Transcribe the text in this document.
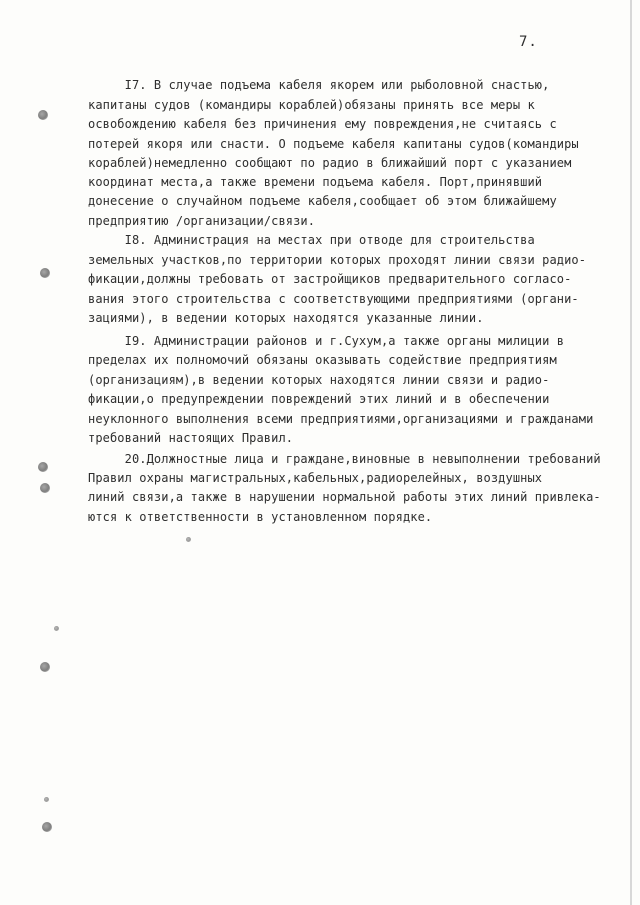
7.
I7. В случае подъема кабеля якорем или рыболовной снастью,
капитаны судов (командиры кораблей)обязаны принять все меры к
освобождению кабеля без причинения ему повреждения,не считаясь с
потерей якоря или снасти. О подъеме кабеля капитаны судов(командиры
кораблей)немедленно сообщают по радио в ближайший порт с указанием
координат места,а также времени подъема кабеля. Порт,принявший
донесение о случайном подъеме кабеля,сообщает об этом ближайшему
предприятию /организации/связи.
I8. Администрация на местах при отводе для строительства
земельных участков,по территории которых проходят линии связи радио-
фикации,должны требовать от застройщиков предварительного согласо-
вания этого строительства с соответствующими предприятиями (органи-
зациями), в ведении которых находятся указанные линии.
I9. Администрации районов и г.Сухум,а также органы милиции в
пределах их полномочий обязаны оказывать содействие предприятиям
(организациям),в ведении которых находятся линии связи и радио-
фикации,о предупреждении повреждений этих линий и в обеспечении
неуклонного выполнения всеми предприятиями,организациями и гражданами
требований настоящих Правил.
20.Должностные лица и граждане,виновные в невыполнении требований
Правил охраны магистральных,кабельных,радиорелейных, воздушных
линий связи,а также в нарушении нормальной работы этих линий привлека-
ются к ответственности в установленном порядке.
